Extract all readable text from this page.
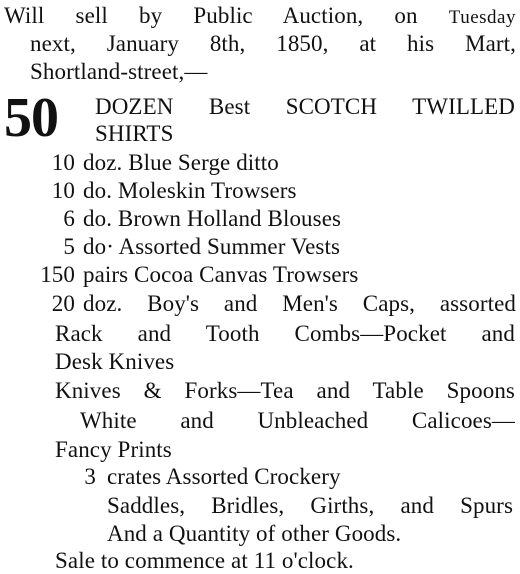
Will sell by Public Auction, on Tuesday
next, January 8th, 1850, at his Mart,
Shortland-street,—
50 DOZEN Best SCOTCH TWILLED
SHIRTS
10 doz. Blue Serge ditto
10 do. Moleskin Trowsers
6 do. Brown Holland Blouses
5 do· Assorted Summer Vests
150 pairs Cocoa Canvas Trowsers
20 doz. Boy's and Men's Caps, assorted
Rack and Tooth Combs—Pocket and
Desk Knives
Knives & Forks—Tea and Table Spoons
White and Unbleached Calicoes—
Fancy Prints
3 crates Assorted Crockery
Saddles, Bridles, Girths, and Spurs
And a Quantity of other Goods.
Sale to commence at 11 o'clock.
